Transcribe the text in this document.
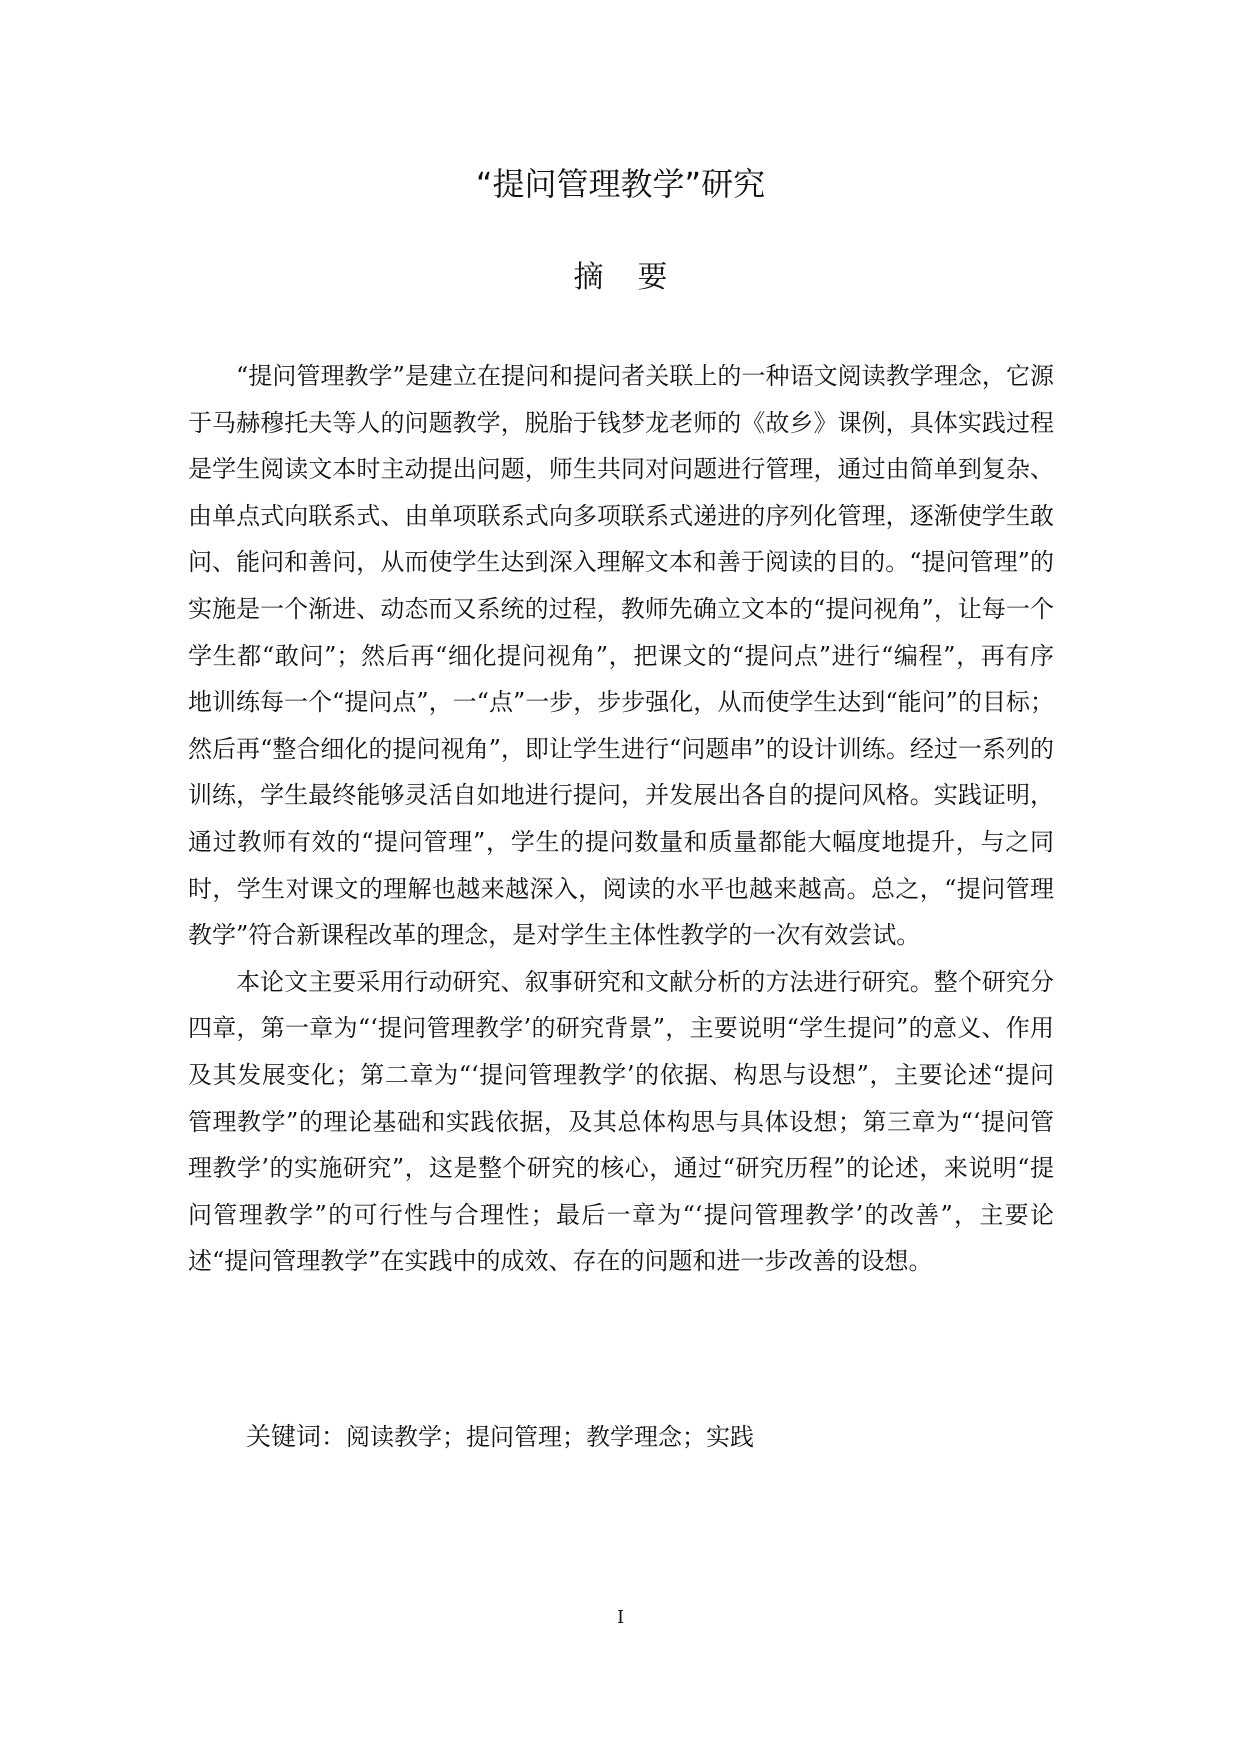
“提问管理教学”研究
摘要

“提问管理教学”是建立在提问和提问者关联上的一种语文阅读教学理念，它源于马赫穆托夫等人的问题教学，脱胎于钱梦龙老师的《故乡》课例，具体实践过程是学生阅读文本时主动提出问题，师生共同对问题进行管理，通过由简单到复杂、由单点式向联系式、由单项联系式向多项联系式递进的序列化管理，逐渐使学生敢问、能问和善问，从而使学生达到深入理解文本和善于阅读的目的。“提问管理”的实施是一个渐进、动态而又系统的过程，教师先确立文本的“提问视角”，让每一个学生都“敢问”；然后再“细化提问视角”，把课文的“提问点”进行“编程”，再有序地训练每一个“提问点”，一“点”一步，步步强化，从而使学生达到“能问”的目标；然后再“整合细化的提问视角”，即让学生进行“问题串”的设计训练。经过一系列的训练，学生最终能够灵活自如地进行提问，并发展出各自的提问风格。实践证明，通过教师有效的“提问管理”，学生的提问数量和质量都能大幅度地提升，与之同时，学生对课文的理解也越来越深入，阅读的水平也越来越高。总之，“提问管理教学”符合新课程改革的理念，是对学生主体性教学的一次有效尝试。

本论文主要采用行动研究、叙事研究和文献分析的方法进行研究。整个研究分四章，第一章为“‘提问管理教学’的研究背景”，主要说明“学生提问”的意义、作用及其发展变化；第二章为“‘提问管理教学’的依据、构思与设想”，主要论述“提问管理教学”的理论基础和实践依据，及其总体构思与具体设想；第三章为“‘提问管理教学’的实施研究”，这是整个研究的核心，通过“研究历程”的论述，来说明“提问管理教学”的可行性与合理性；最后一章为“‘提问管理教学’的改善”，主要论述“提问管理教学”在实践中的成效、存在的问题和进一步改善的设想。

关键词：阅读教学；提问管理；教学理念；实践
I
